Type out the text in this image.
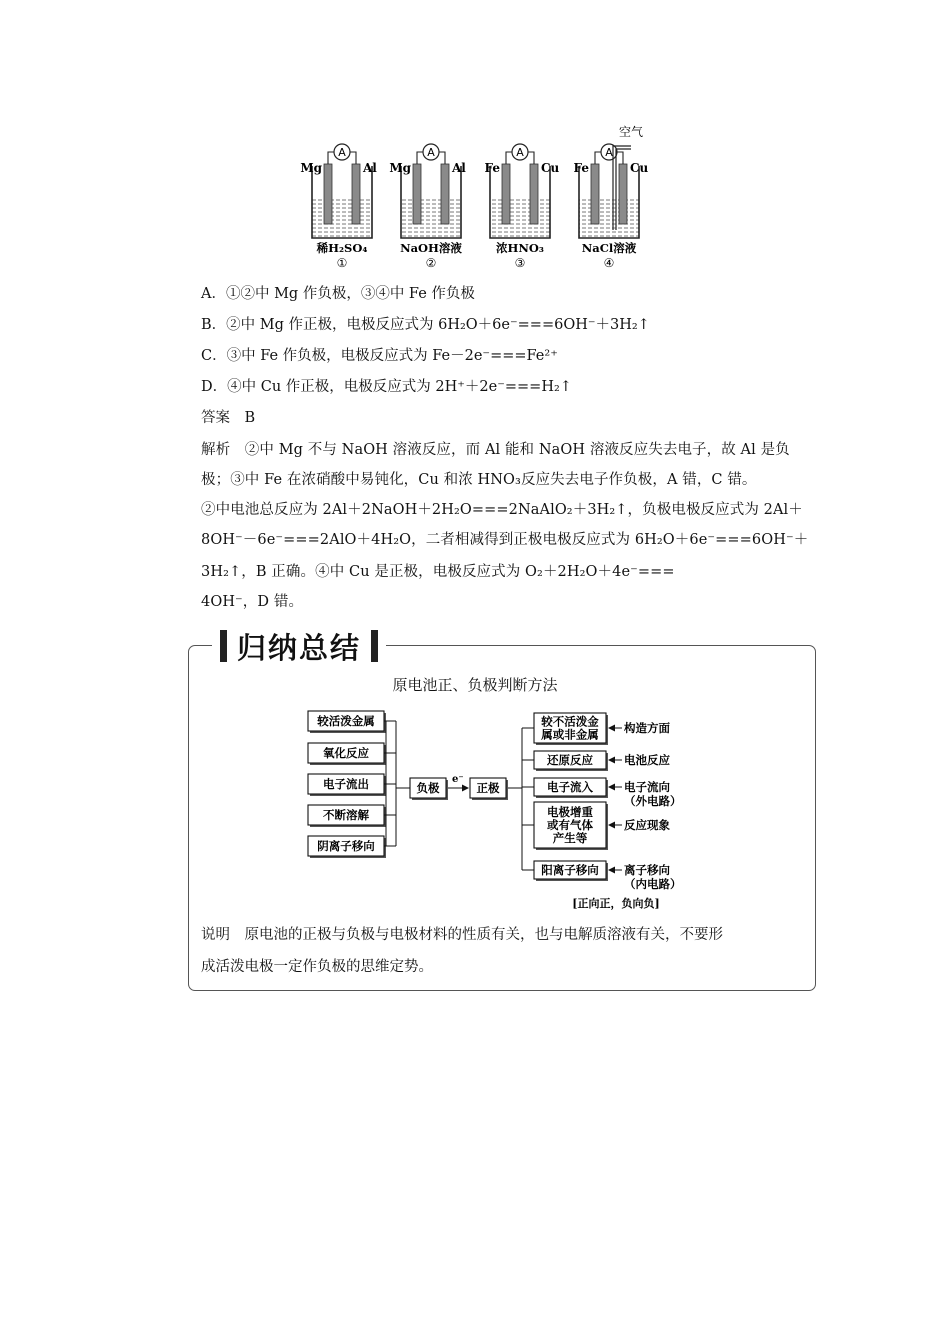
A
Mg	Al
稀H₂SO₄
①
A
Mg	Al
NaOH溶液
②
A
Fe	Cu
浓HNO₃
③
A
Fe	Cu
NaCl溶液
④
空气
A．①②中 Mg 作负极，③④中 Fe 作负极
B．②中 Mg 作正极，电极反应式为 6H₂O＋6e⁻===6OH⁻＋3H₂↑
C．③中 Fe 作负极，电极反应式为 Fe－2e⁻===Fe²⁺
D．④中 Cu 作正极，电极反应式为 2H⁺＋2e⁻===H₂↑
答案　B
解析　②中 Mg 不与 NaOH 溶液反应，而 Al 能和 NaOH 溶液反应失去电子，故 Al 是负
极；③中 Fe 在浓硝酸中易钝化，Cu 和浓 HNO₃反应失去电子作负极，A 错，C 错。
②中电池总反应为 2Al＋2NaOH＋2H₂O===2NaAlO₂＋3H₂↑，负极电极反应式为 2Al＋
8OH⁻－6e⁻===2AlO＋4H₂O，二者相减得到正极电极反应式为 6H₂O＋6e⁻===6OH⁻＋
3H₂↑，B 正确。④中 Cu 是正极，电极反应式为 O₂＋2H₂O＋4e⁻===
4OH⁻，D 错。
归纳总结
原电池正、负极判断方法
较活泼金属
氧化反应
电子流出
不断溶解
阴离子移向
负极
e⁻
正极
较不活泼金
属或非金属 构造方面
还原反应	电池反应
电子流入	电子流向
（外电路）
电极增重
或有气体
产生等
反应现象
阳离子移向 离子移向
（内电路）
[正向正，负向负]
说明　原电池的正极与负极与电极材料的性质有关，也与电解质溶液有关，不要形
成活泼电极一定作负极的思维定势。
